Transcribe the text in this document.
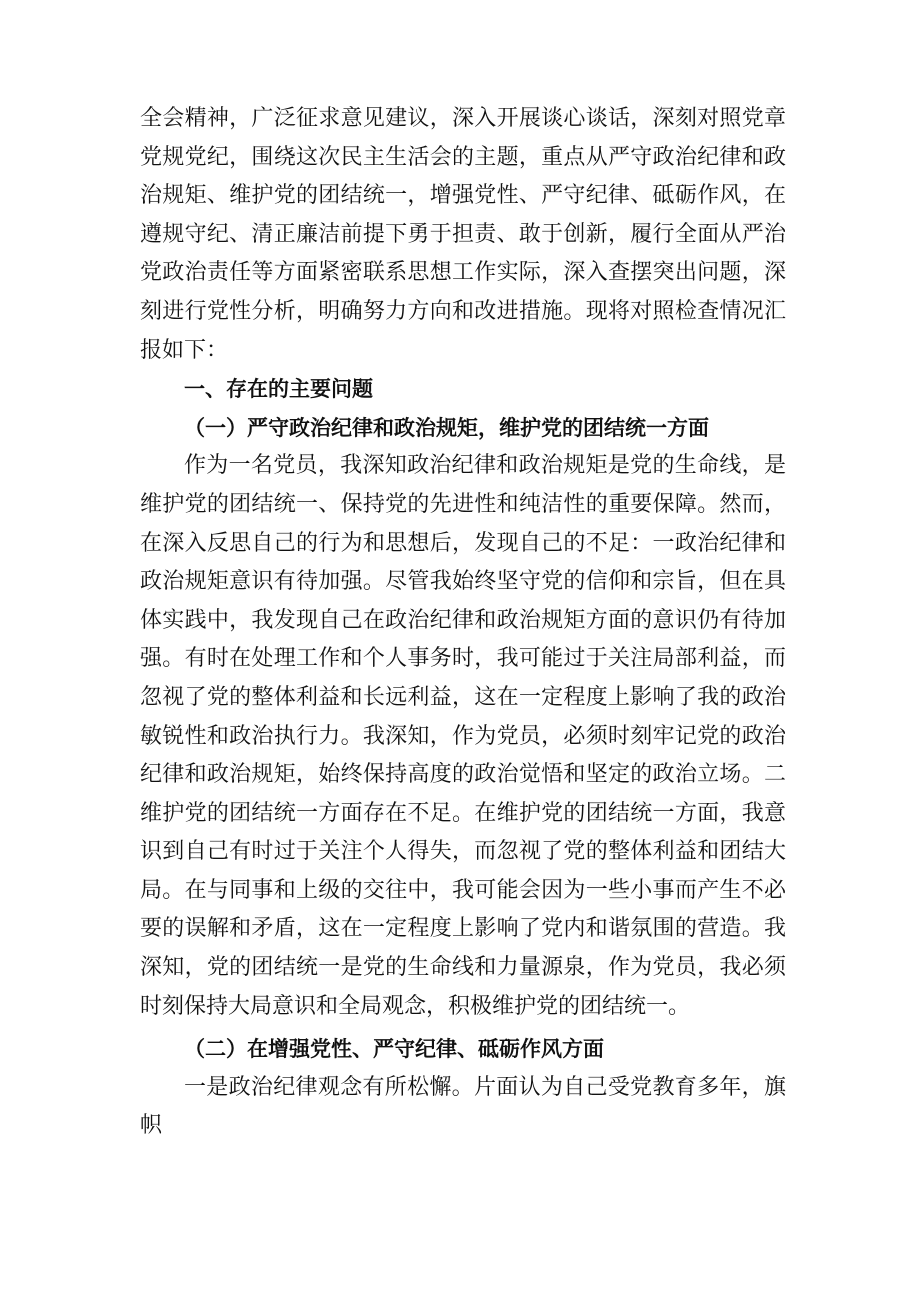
全会精神，广泛征求意见建议，深入开展谈心谈话，深刻对照党章党规党纪，围绕这次民主生活会的主题，重点从严守政治纪律和政治规矩、维护党的团结统一，增强党性、严守纪律、砥砺作风，在遵规守纪、清正廉洁前提下勇于担责、敢于创新，履行全面从严治党政治责任等方面紧密联系思想工作实际，深入查摆突出问题，深刻进行党性分析，明确努力方向和改进措施。现将对照检查情况汇报如下：

一、存在的主要问题

（一）严守政治纪律和政治规矩，维护党的团结统一方面

作为一名党员，我深知政治纪律和政治规矩是党的生命线，是维护党的团结统一、保持党的先进性和纯洁性的重要保障。然而，在深入反思自己的行为和思想后，发现自己的不足：一政治纪律和政治规矩意识有待加强。尽管我始终坚守党的信仰和宗旨，但在具体实践中，我发现自己在政治纪律和政治规矩方面的意识仍有待加强。有时在处理工作和个人事务时，我可能过于关注局部利益，而忽视了党的整体利益和长远利益，这在一定程度上影响了我的政治敏锐性和政治执行力。我深知，作为党员，必须时刻牢记党的政治纪律和政治规矩，始终保持高度的政治觉悟和坚定的政治立场。二维护党的团结统一方面存在不足。在维护党的团结统一方面，我意识到自己有时过于关注个人得失，而忽视了党的整体利益和团结大局。在与同事和上级的交往中，我可能会因为一些小事而产生不必要的误解和矛盾，这在一定程度上影响了党内和谐氛围的营造。我深知，党的团结统一是党的生命线和力量源泉，作为党员，我必须时刻保持大局意识和全局观念，积极维护党的团结统一。

（二）在增强党性、严守纪律、砥砺作风方面

一是政治纪律观念有所松懈。片面认为自己受党教育多年，旗帜
